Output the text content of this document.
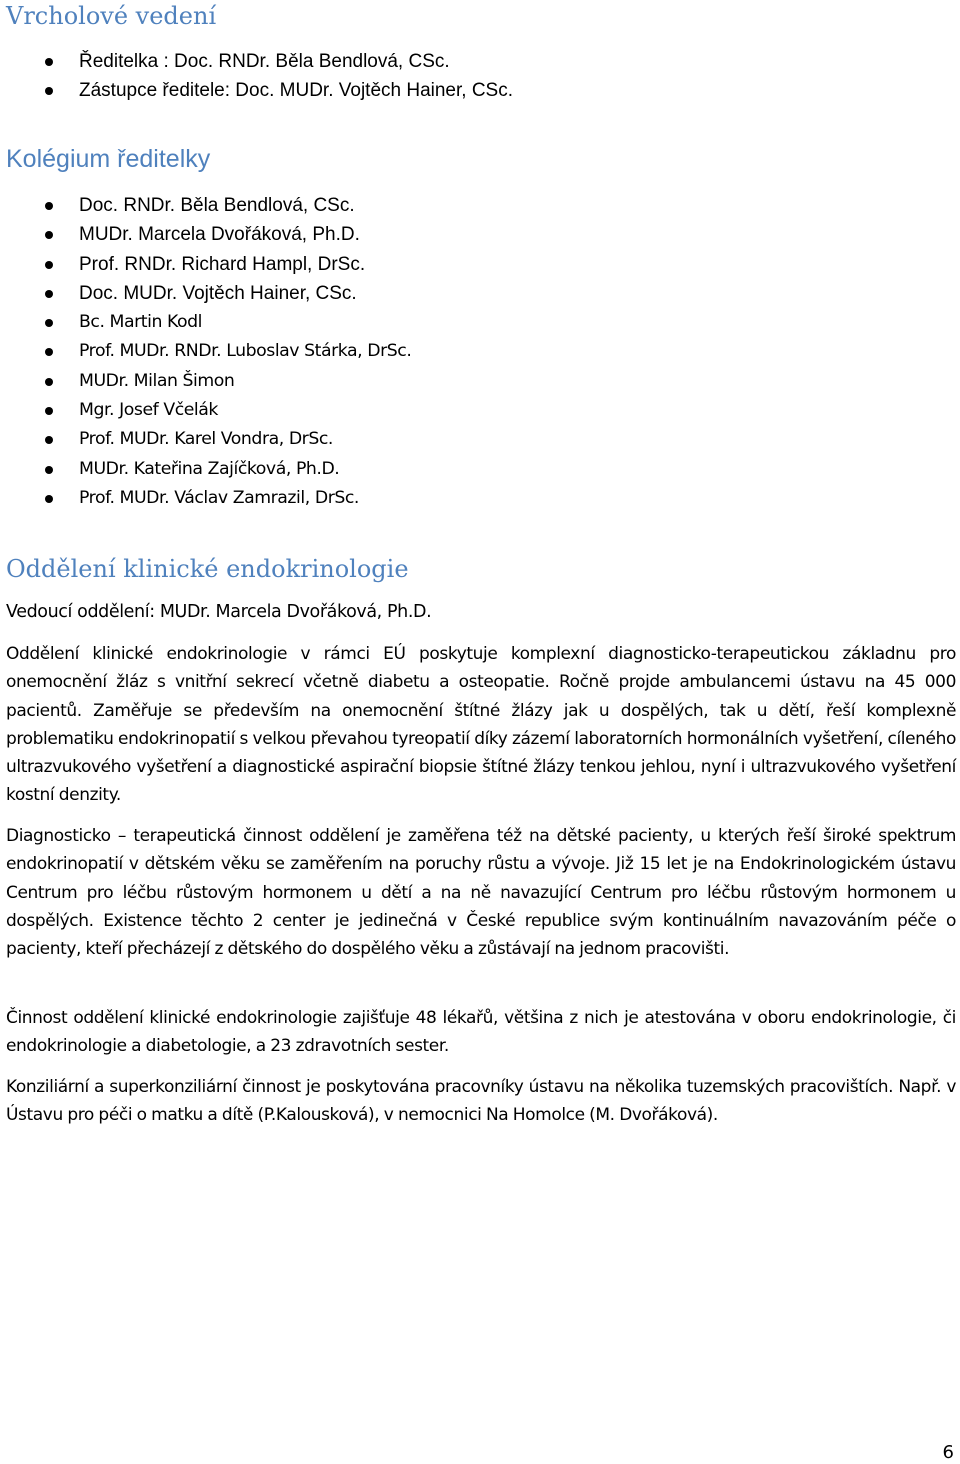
Vrcholové vedení
Ředitelka : Doc. RNDr. Běla Bendlová, CSc.
Zástupce ředitele: Doc. MUDr. Vojtěch Hainer, CSc.
Kolégium ředitelky
Doc. RNDr. Běla Bendlová, CSc.
MUDr. Marcela Dvořáková, Ph.D.
Prof. RNDr. Richard Hampl, DrSc.
Doc. MUDr. Vojtěch Hainer, CSc.
Bc. Martin Kodl
Prof. MUDr. RNDr. Luboslav Stárka, DrSc.
MUDr. Milan Šimon
Mgr. Josef Včelák
Prof. MUDr. Karel Vondra, DrSc.
MUDr. Kateřina Zajíčková, Ph.D.
Prof. MUDr. Václav Zamrazil, DrSc.
Oddělení klinické endokrinologie

Vedoucí oddělení: MUDr. Marcela Dvořáková, Ph.D.

Oddělení klinické endokrinologie v rámci EÚ poskytuje komplexní diagnosticko-terapeutickou základnu pro onemocnění žláz s vnitřní sekrecí včetně diabetu a osteopatie. Ročně projde ambulancemi ústavu na 45 000 pacientů. Zaměřuje se především na onemocnění štítné žlázy jak u dospělých, tak u dětí, řeší komplexně problematiku endokrinopatií s velkou převahou tyreopatií díky zázemí laboratorních hormonálních vyšetření, cíleného ultrazvukového vyšetření a diagnostické aspirační biopsie štítné žlázy tenkou jehlou, nyní i ultrazvukového vyšetření kostní denzity.

Diagnosticko – terapeutická činnost oddělení je zaměřena též na dětské pacienty, u kterých řeší široké spektrum endokrinopatií v dětském věku se zaměřením na poruchy růstu a vývoje. Již 15 let je na Endokrinologickém ústavu Centrum pro léčbu růstovým hormonem u dětí a na ně navazující Centrum pro léčbu růstovým hormonem u dospělých. Existence těchto 2 center je jedinečná v České republice svým kontinuálním navazováním péče o pacienty, kteří přecházejí z dětského do dospělého věku a zůstávají na jednom pracovišti.

Činnost oddělení klinické endokrinologie zajišťuje 48 lékařů, většina z nich je atestována v oboru endokrinologie, či endokrinologie a diabetologie, a 23 zdravotních sester.

Konziliární a superkonziliární činnost je poskytována pracovníky ústavu na několika tuzemských pracovištích. Např. v Ústavu pro péči o matku a dítě (P.Kalousková), v nemocnici Na Homolce (M. Dvořáková).

6
